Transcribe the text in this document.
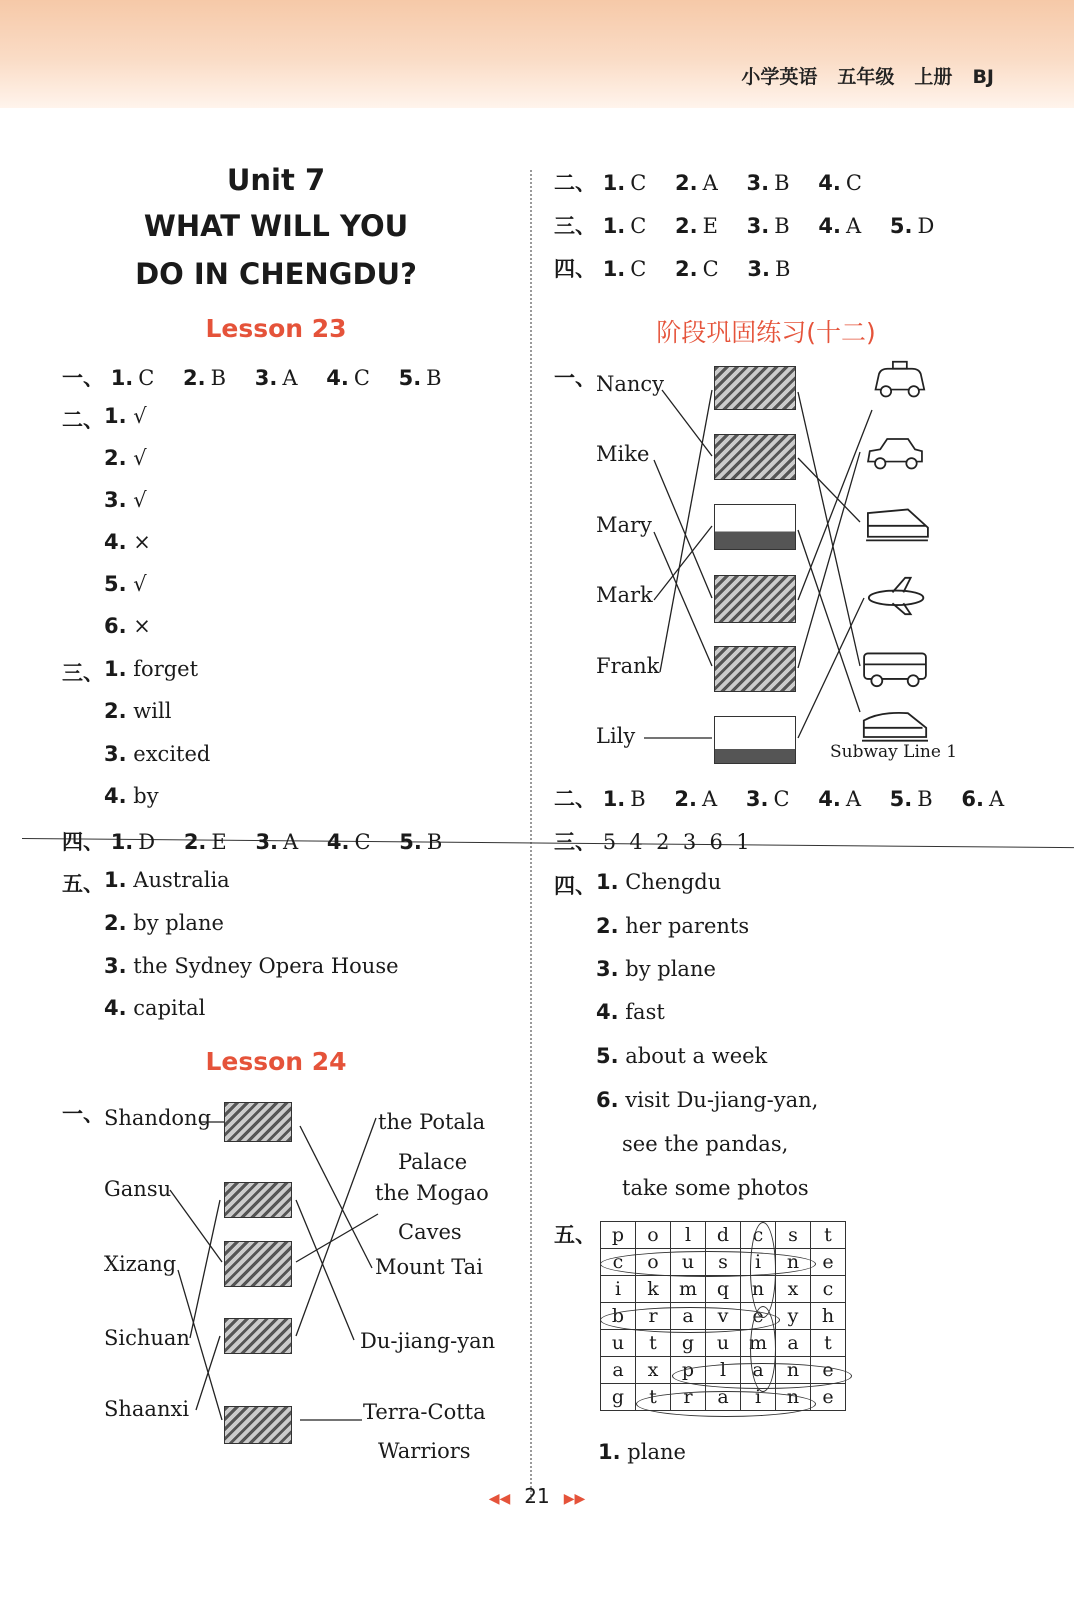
小学英语 五年级 上册 BJ
Unit 7
WHAT WILL YOU
DO IN CHENGDU?
Lesson 23
一、 1. C 2. B 3. A 4. C 5. B
二、 1. √
2. √
3. √
4. ×
5. √
6. ×
三、 1. forget
2. will
3. excited
4. by
四、 1. D 2. E 3. A 4. C 5. B
五、 1. Australia
2. by plane
3. the Sydney Opera House
4. capital
Lesson 24
一、 Shandong
Gansu
Xizang
Sichuan
Shaanxi
the Potala
Palace
the Mogao
Caves
Mount Tai
Du-jiang-yan
Terra-Cotta
Warriors
二、 1. C 2. A 3. B 4. C
三、 1. C 2. E 3. B 4. A 5. D
四、 1. C 2. C 3. B
阶段巩固练习(十二)
一、 Nancy
Mike
Mary
Mark
Frank
Lily
Subway Line 1
二、 1. B 2. A 3. C 4. A 5. B 6. A
三、 5  4  2  3  6  1
四、 1. Chengdu
2. her parents
3. by plane
4. fast
5. about a week
6. visit Du-jiang-yan,
see the pandas,
take some photos
五、 p	o	l	d	c	s	t
c	o	u	s	i	n	e
i	k	m	q	n	x	c
b	r	a	v	e	y	h
u	t	g	u	m	a	t
a	x	p	l	a	n	e
g	t	r	a	i	n	e
1. plane
◀◀ 21 ▶▶
